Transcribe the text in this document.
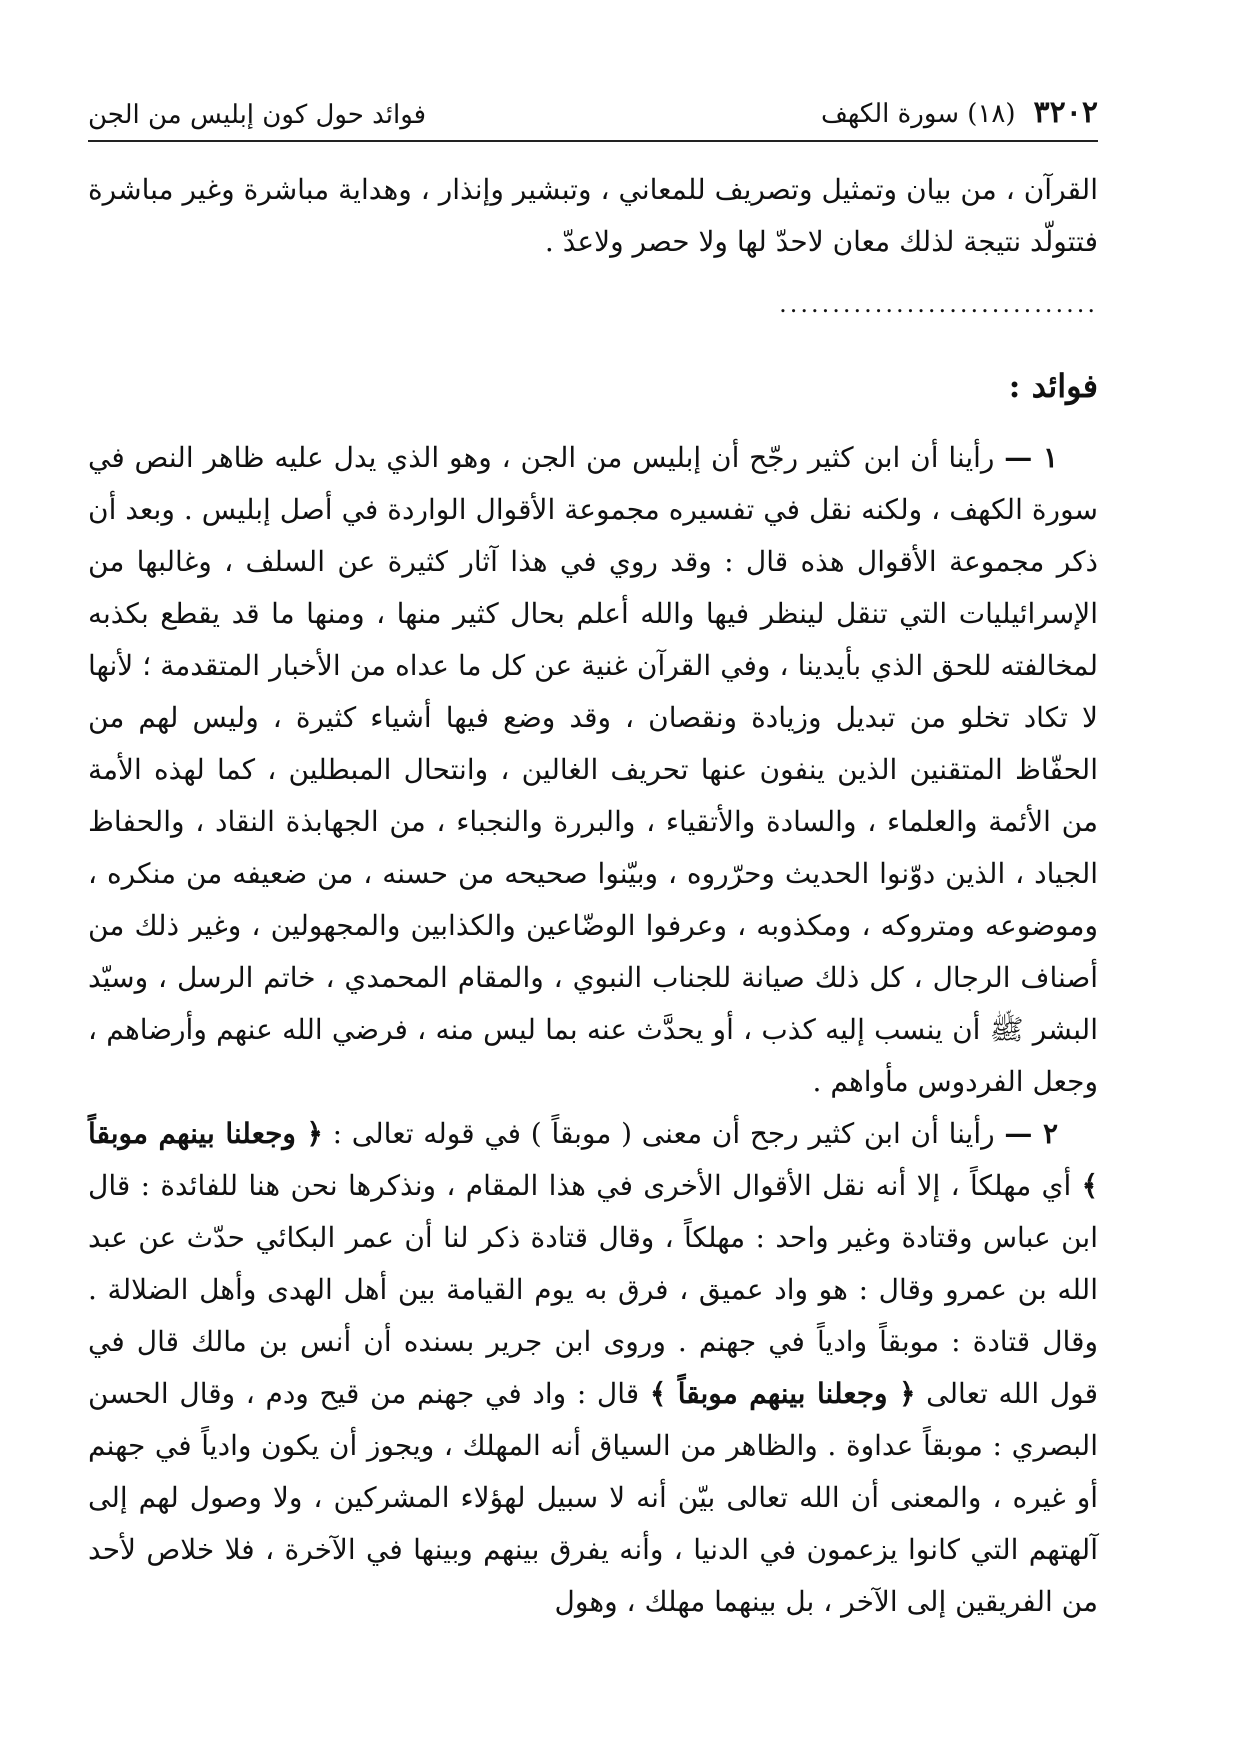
٣٢٠٢
(١٨) سورة الكهف
فوائد حول كون إبليس من الجن

القرآن ، من بيان وتمثيل وتصريف للمعاني ، وتبشير وإنذار ، وهداية مباشرة وغير مباشرة فتتولّد نتيجة لذلك معان لاحدّ لها ولا حصر ولاعدّ .

..............................
فوائد :

١ — رأينا أن ابن كثير رجّح أن إبليس من الجن ، وهو الذي يدل عليه ظاهر النص في سورة الكهف ، ولكنه نقل في تفسيره مجموعة الأقوال الواردة في أصل إبليس . وبعد أن ذكر مجموعة الأقوال هذه قال : وقد روي في هذا آثار كثيرة عن السلف ، وغالبها من الإسرائيليات التي تنقل لينظر فيها والله أعلم بحال كثير منها ، ومنها ما قد يقطع بكذبه لمخالفته للحق الذي بأيدينا ، وفي القرآن غنية عن كل ما عداه من الأخبار المتقدمة ؛ لأنها لا تكاد تخلو من تبديل وزيادة ونقصان ، وقد وضع فيها أشياء كثيرة ، وليس لهم من الحفّاظ المتقنين الذين ينفون عنها تحريف الغالين ، وانتحال المبطلين ، كما لهذه الأمة من الأئمة والعلماء ، والسادة والأتقياء ، والبررة والنجباء ، من الجهابذة النقاد ، والحفاظ الجياد ، الذين دوّنوا الحديث وحرّروه ، وبيّنوا صحيحه من حسنه ، من ضعيفه من منكره ، وموضوعه ومتروكه ، ومكذوبه ، وعرفوا الوضّاعين والكذابين والمجهولين ، وغير ذلك من أصناف الرجال ، كل ذلك صيانة للجناب النبوي ، والمقام المحمدي ، خاتم الرسل ، وسيّد البشر ﷺ أن ينسب إليه كذب ، أو يحدَّث عنه بما ليس منه ، فرضي الله عنهم وأرضاهم ، وجعل الفردوس مأواهم .

٢ — رأينا أن ابن كثير رجح أن معنى ( موبقاً ) في قوله تعالى : ﴿ وجعلنا بينهم موبقاً ﴾ أي مهلكاً ، إلا أنه نقل الأقوال الأخرى في هذا المقام ، ونذكرها نحن هنا للفائدة : قال ابن عباس وقتادة وغير واحد : مهلكاً ، وقال قتادة ذكر لنا أن عمر البكائي حدّث عن عبد الله بن عمرو وقال : هو واد عميق ، فرق به يوم القيامة بين أهل الهدى وأهل الضلالة . وقال قتادة : موبقاً وادياً في جهنم . وروى ابن جرير بسنده أن أنس بن مالك قال في قول الله تعالى ﴿ وجعلنا بينهم موبقاً ﴾ قال : واد في جهنم من قيح ودم ، وقال الحسن البصري : موبقاً عداوة . والظاهر من السياق أنه المهلك ، ويجوز أن يكون وادياً في جهنم أو غيره ، والمعنى أن الله تعالى بيّن أنه لا سبيل لهؤلاء المشركين ، ولا وصول لهم إلى آلهتهم التي كانوا يزعمون في الدنيا ، وأنه يفرق بينهم وبينها في الآخرة ، فلا خلاص لأحد من الفريقين إلى الآخر ، بل بينهما مهلك ، وهول
